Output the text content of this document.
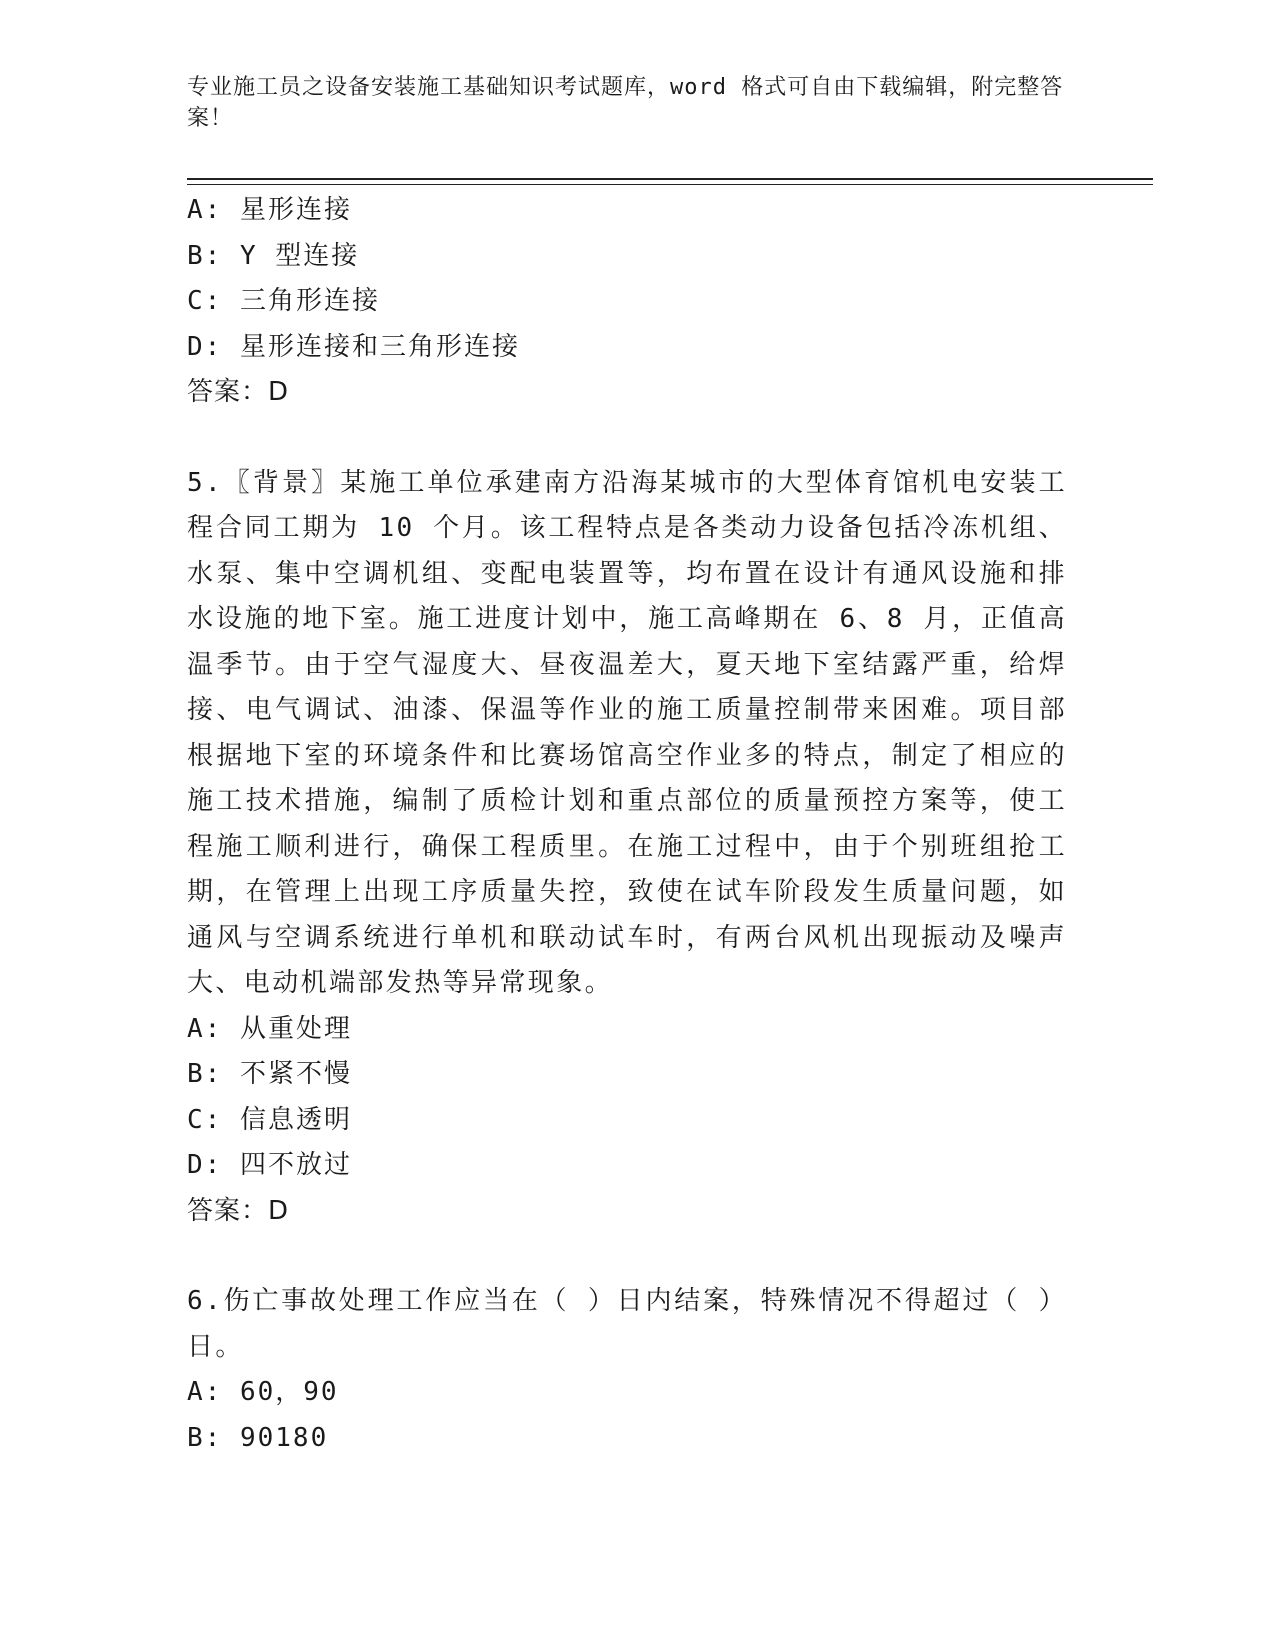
专业施工员之设备安装施工基础知识考试题库，word 格式可自由下载编辑，附完整答案！
A: 星形连接
B: Y 型连接
C: 三角形连接
D: 星形连接和三角形连接
答案：D
5.〖背景〗某施工单位承建南方沿海某城市的大型体育馆机电安装工程合同工期为 10 个月。该工程特点是各类动力设备包括冷冻机组、水泵、集中空调机组、变配电装置等，均布置在设计有通风设施和排水设施的地下室。施工进度计划中，施工高峰期在 6、8 月，正值高温季节。由于空气湿度大、昼夜温差大，夏天地下室结露严重，给焊接、电气调试、油漆、保温等作业的施工质量控制带来困难。项目部根据地下室的环境条件和比赛场馆高空作业多的特点，制定了相应的施工技术措施，编制了质检计划和重点部位的质量预控方案等，使工程施工顺利进行，确保工程质里。在施工过程中，由于个别班组抢工期，在管理上出现工序质量失控，致使在试车阶段发生质量问题，如通风与空调系统进行单机和联动试车时，有两台风机出现振动及噪声大、电动机端部发热等异常现象。
A: 从重处理
B: 不紧不慢
C: 信息透明
D: 四不放过
答案：D
6.伤亡事故处理工作应当在（ ）日内结案，特殊情况不得超过（ ）日。
A: 60，90
B: 90180
